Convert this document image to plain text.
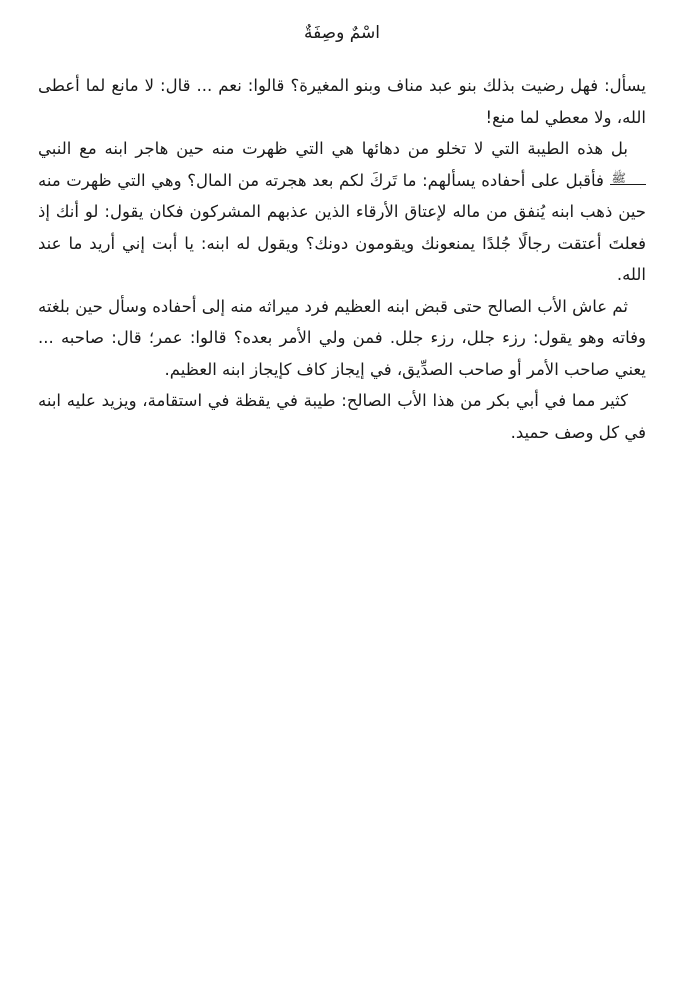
اسْمٌ وصِفَةٌ

يسأل: فهل رضيت بذلك بنو عبد مناف وبنو المغيرة؟ قالوا: نعم ... قال: لا مانع لما أعطى الله، ولا معطي لما منع!

بل هذه الطيبة التي لا تخلو من دهائها هي التي ظهرت منه حين هاجر ابنه مع النبي ﷺ فأقبل على أحفاده يسألهم: ما تَركَ لكم بعد هجرته من المال؟ وهي التي ظهرت منه حين ذهب ابنه يُنفق من ماله لإعتاق الأرقاء الذين عذبهم المشركون فكان يقول: لو أنك إذ فعلتَ أعتقت رجالًا جُلدًا يمنعونك ويقومون دونك؟ ويقول له ابنه: يا أبت إني أريد ما عند الله.

ثم عاش الأب الصالح حتى قبض ابنه العظيم فرد ميراثه منه إلى أحفاده وسأل حين بلغته وفاته وهو يقول: رزء جلل، رزء جلل. فمن ولي الأمر بعده؟ قالوا: عمر؛ قال: صاحبه ... يعني صاحب الأمر أو صاحب الصدِّيق، في إيجاز كاف كإيجاز ابنه العظيم.

كثير مما في أبي بكر من هذا الأب الصالح: طيبة في يقظة في استقامة، ويزيد عليه ابنه في كل وصف حميد.
